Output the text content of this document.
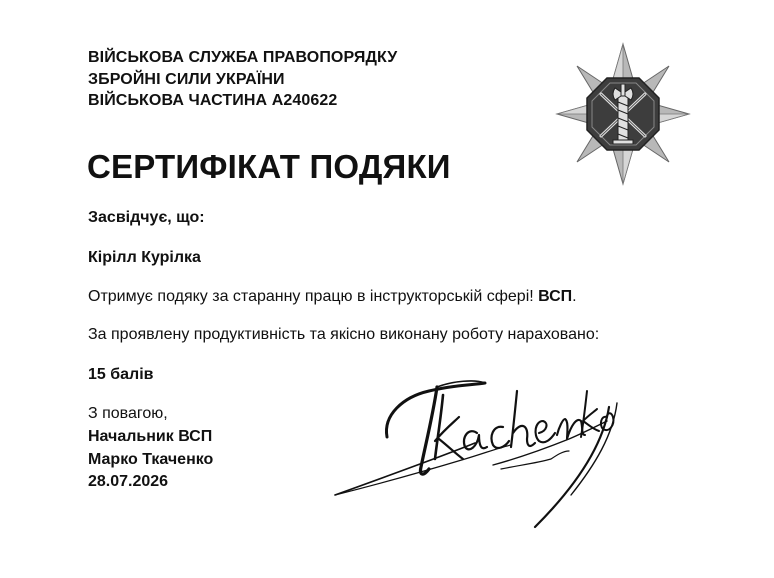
ВІЙСЬКОВА СЛУЖБА ПРАВОПОРЯДКУ
ЗБРОЙНІ СИЛИ УКРАЇНИ
ВІЙСЬКОВА ЧАСТИНА А240622
СЕРТИФІКАТ ПОДЯКИ
Засвідчує, що:
Кірілл Курілка
Отримує подяку за старанну працю в інструкторській сфері! ВСП.
За проявлену продуктивність та якісно виконану роботу нараховано:
15 балів
З повагою,
Начальник ВСП
Марко Ткаченко
28.07.2026
